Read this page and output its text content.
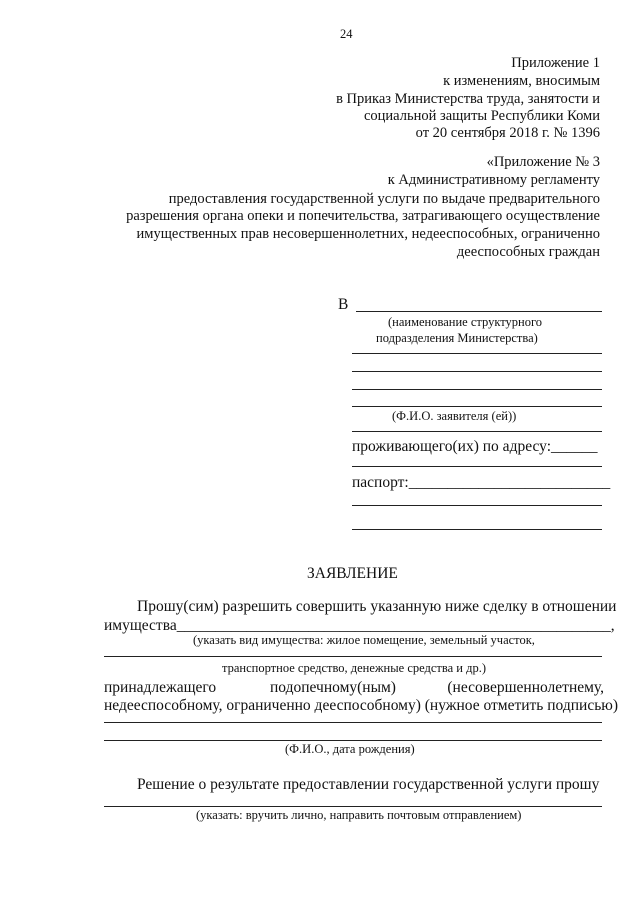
24
Приложение 1
к изменениям, вносимым
в Приказ Министерства труда, занятости и
социальной защиты Республики Коми
от 20 сентября 2018 г. № 1396
«Приложение № 3
к Административному регламенту
предоставления государственной услуги по выдаче предварительного
разрешения органа опеки и попечительства, затрагивающего осуществление
имущественных прав несовершеннолетних, недееспособных, ограниченно
дееспособных граждан
В
(наименование структурного
подразделения Министерства)
(Ф.И.О. заявителя (ей))
проживающего(их) по адресу:______
паспорт:__________________________
ЗАЯВЛЕНИЕ
Прошу(сим) разрешить совершить указанную ниже сделку в отношении
имущества________________________________________________________,
(указать вид имущества: жилое помещение, земельный участок,
транспортное средство, денежные средства и др.)
принадлежащего	подопечному(ным)	(несовершеннолетнему,
недееспособному, ограниченно дееспособному) (нужное отметить подписью)
(Ф.И.О., дата рождения)
Решение о результате предоставлении государственной услуги прошу
(указать: вручить лично, направить почтовым отправлением)
